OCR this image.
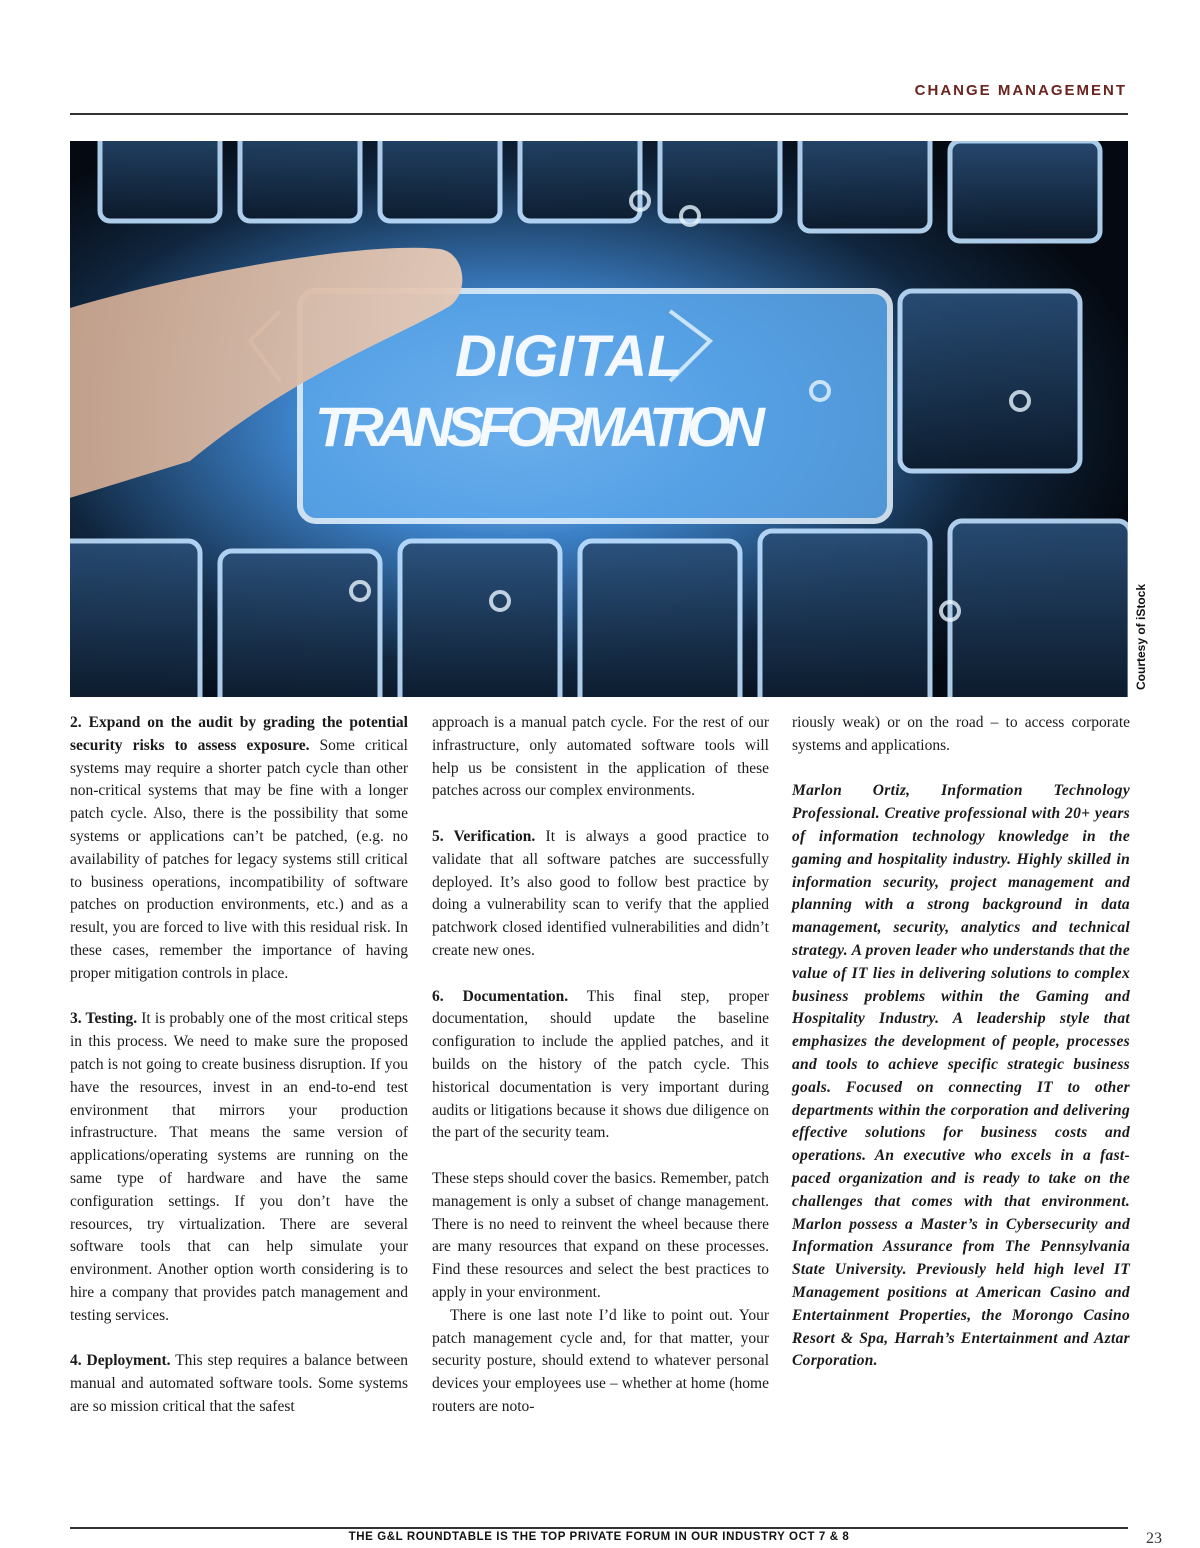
CHANGE MANAGEMENT
DIGITAL
TRANSFORMATION
Courtesy of iStock

2. Expand on the audit by grading the potential security risks to assess exposure. Some critical systems may require a shorter patch cycle than other non-critical systems that may be fine with a longer patch cycle. Also, there is the possibility that some systems or applications can’t be patched, (e.g. no availability of patches for legacy systems still critical to business operations, incompatibility of software patches on production environments, etc.) and as a result, you are forced to live with this residual risk. In these cases, remember the importance of having proper mitigation controls in place.

3. Testing. It is probably one of the most critical steps in this process. We need to make sure the proposed patch is not going to create business disruption. If you have the resources, invest in an end-to-end test environment that mirrors your production infrastructure. That means the same version of applications/operating systems are running on the same type of hardware and have the same configuration settings. If you don’t have the resources, try virtualization. There are several software tools that can help simulate your environment. Another option worth considering is to hire a company that provides patch management and testing services.

4. Deployment. This step requires a balance between manual and automated software tools. Some systems are so mission critical that the safest

approach is a manual patch cycle. For the rest of our infrastructure, only automated software tools will help us be consistent in the application of these patches across our complex environments.

5. Verification. It is always a good practice to validate that all software patches are successfully deployed. It’s also good to follow best practice by doing a vulnerability scan to verify that the applied patchwork closed identified vulnerabilities and didn’t create new ones.

6. Documentation. This final step, proper documentation, should update the baseline configuration to include the applied patches, and it builds on the history of the patch cycle. This historical documentation is very important during audits or litigations because it shows due diligence on the part of the security team.

These steps should cover the basics. Remember, patch management is only a subset of change management. There is no need to reinvent the wheel because there are many resources that expand on these processes. Find these resources and select the best practices to apply in your environment.

There is one last note I’d like to point out. Your patch management cycle and, for that matter, your security posture, should extend to whatever personal devices your employees use – whether at home (home routers are noto-

riously weak) or on the road – to access corporate systems and applications.

Marlon Ortiz, Information Technology Professional. Creative professional with 20+ years of information technology knowledge in the gaming and hospitality industry. Highly skilled in information security, project management and planning with a strong background in data management, security, analytics and technical strategy. A proven leader who understands that the value of IT lies in delivering solutions to complex business problems within the Gaming and Hospitality Industry. A leadership style that emphasizes the development of people, processes and tools to achieve specific strategic business goals. Focused on connecting IT to other departments within the corporation and delivering effective solutions for business costs and operations. An executive who excels in a fast-paced organization and is ready to take on the challenges that comes with that environment. Marlon possess a Master’s in Cybersecurity and Information Assurance from The Pennsylvania State University. Previously held high level IT Management positions at American Casino and Entertainment Properties, the Morongo Casino Resort & Spa, Harrah’s Entertainment and Aztar Corporation.

THE G&L ROUNDTABLE IS THE TOP PRIVATE FORUM IN OUR INDUSTRY OCT 7 & 8	23
